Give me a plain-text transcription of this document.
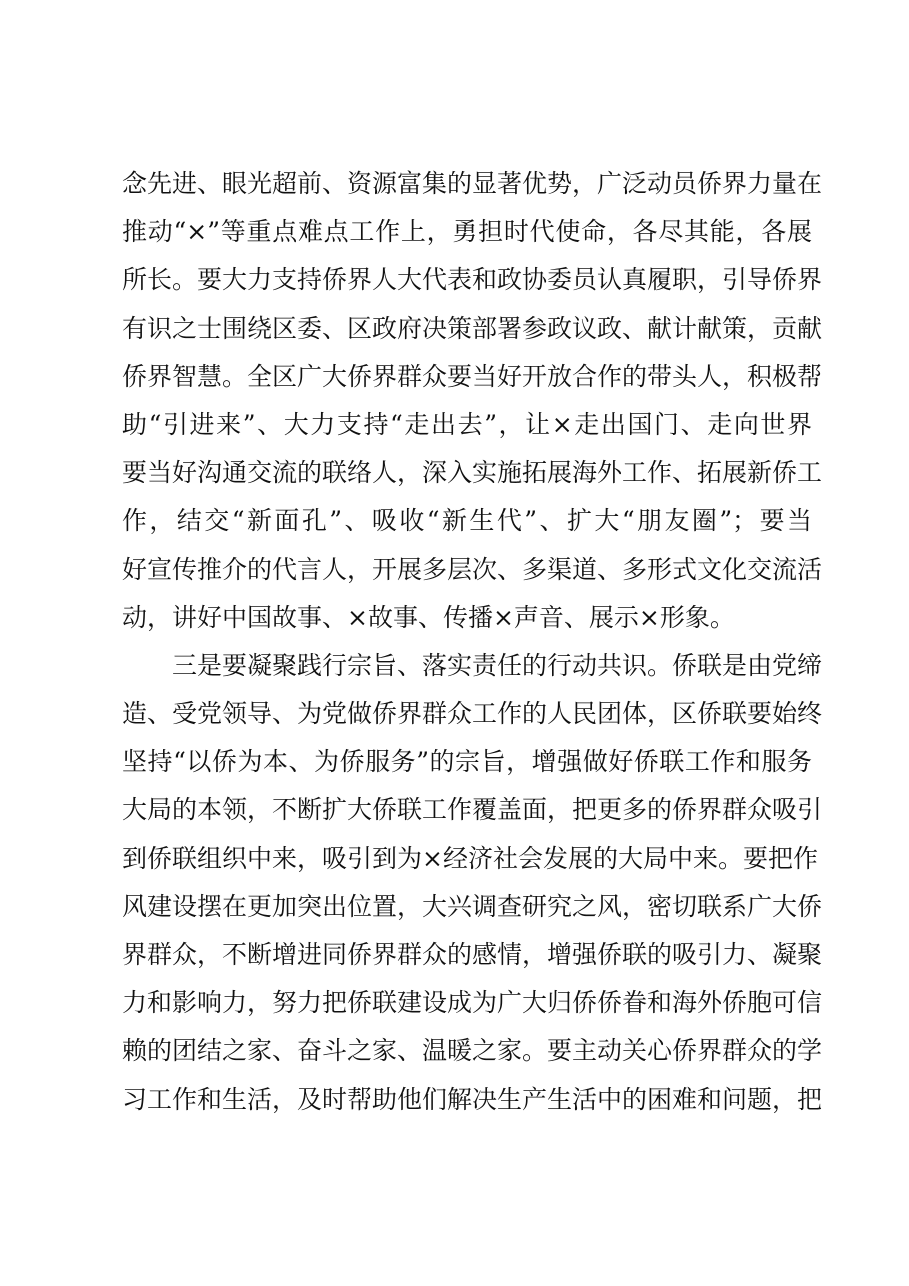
念先进、眼光超前、资源富集的显著优势，广泛动员侨界力量在
推动“×”等重点难点工作上，勇担时代使命，各尽其能，各展
所长。要大力支持侨界人大代表和政协委员认真履职，引导侨界
有识之士围绕区委、区政府决策部署参政议政、献计献策，贡献
侨界智慧。全区广大侨界群众要当好开放合作的带头人，积极帮
助“引进来”、大力支持“走出去”，让×走出国门、走向世界
要当好沟通交流的联络人，深入实施拓展海外工作、拓展新侨工
作，结交“新面孔”、吸收“新生代”、扩大“朋友圈”；要当
好宣传推介的代言人，开展多层次、多渠道、多形式文化交流活
动，讲好中国故事、×故事、传播×声音、展示×形象。
三是要凝聚践行宗旨、落实责任的行动共识。侨联是由党缔
造、受党领导、为党做侨界群众工作的人民团体，区侨联要始终
坚持“以侨为本、为侨服务”的宗旨，增强做好侨联工作和服务
大局的本领，不断扩大侨联工作覆盖面，把更多的侨界群众吸引
到侨联组织中来，吸引到为×经济社会发展的大局中来。要把作
风建设摆在更加突出位置，大兴调查研究之风，密切联系广大侨
界群众，不断增进同侨界群众的感情，增强侨联的吸引力、凝聚
力和影响力，努力把侨联建设成为广大归侨侨眷和海外侨胞可信
赖的团结之家、奋斗之家、温暖之家。要主动关心侨界群众的学
习工作和生活，及时帮助他们解决生产生活中的困难和问题，把
